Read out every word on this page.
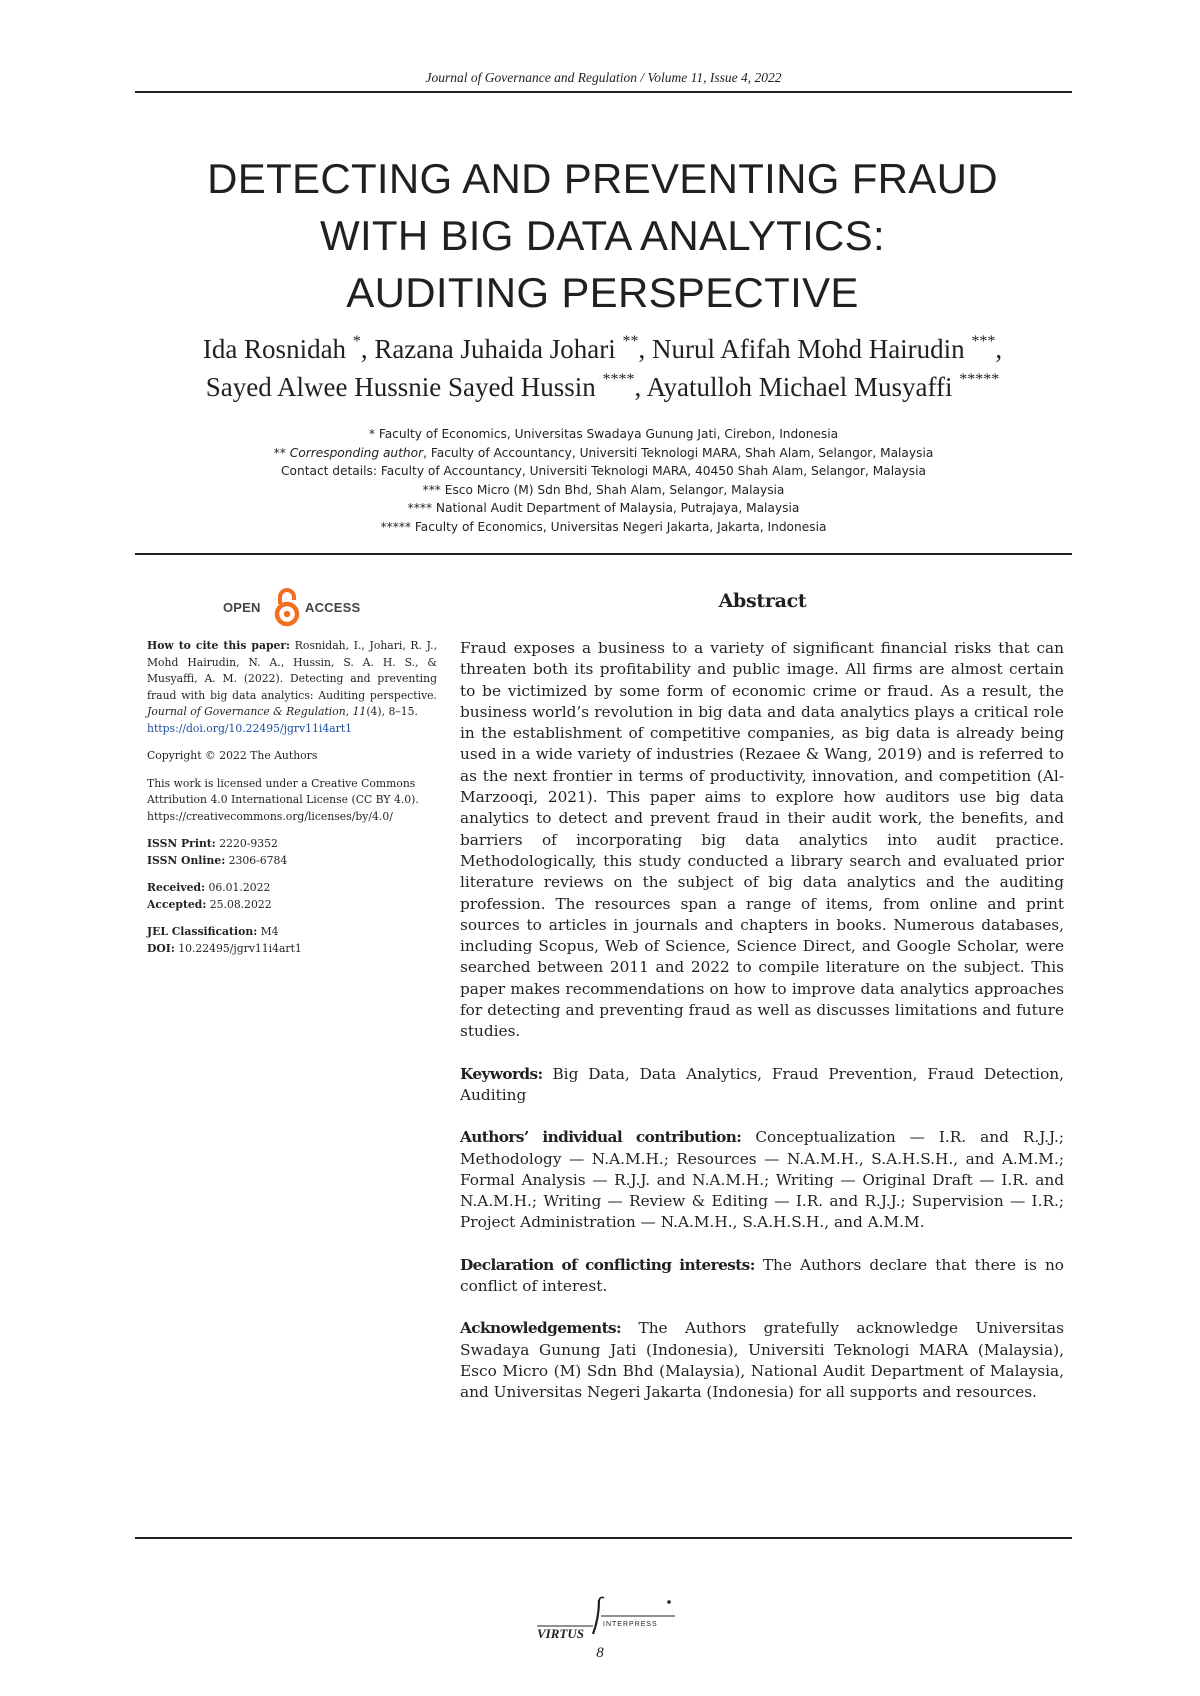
Journal of Governance and Regulation / Volume 11, Issue 4, 2022
DETECTING AND PREVENTING FRAUD
WITH BIG DATA ANALYTICS:
AUDITING PERSPECTIVE
Ida Rosnidah *, Razana Juhaida Johari **, Nurul Afifah Mohd Hairudin ***,
Sayed Alwee Hussnie Sayed Hussin ****, Ayatulloh Michael Musyaffi *****
* Faculty of Economics, Universitas Swadaya Gunung Jati, Cirebon, Indonesia
** Corresponding author, Faculty of Accountancy, Universiti Teknologi MARA, Shah Alam, Selangor, Malaysia
Contact details: Faculty of Accountancy, Universiti Teknologi MARA, 40450 Shah Alam, Selangor, Malaysia
*** Esco Micro (M) Sdn Bhd, Shah Alam, Selangor, Malaysia
**** National Audit Department of Malaysia, Putrajaya, Malaysia
***** Faculty of Economics, Universitas Negeri Jakarta, Jakarta, Indonesia
OPEN	ACCESS

How to cite this paper: Rosnidah, I., Johari, R. J., Mohd Hairudin, N. A., Hussin, S. A. H. S., & Musyaffi, A. M. (2022). Detecting and preventing fraud with big data analytics: Auditing perspective. Journal of Governance & Regulation, 11(4), 8–15.
https://doi.org/10.22495/jgrv11i4art1

Copyright © 2022 The Authors

This work is licensed under a Creative Commons Attribution 4.0 International License (CC BY 4.0).
https://creativecommons.org/licenses/by/4.0/

ISSN Print: 2220-9352
ISSN Online: 2306-6784

Received: 06.01.2022
Accepted: 25.08.2022

JEL Classification: M4
DOI: 10.22495/jgrv11i4art1

Abstract

Fraud exposes a business to a variety of significant financial risks that can threaten both its profitability and public image. All firms are almost certain to be victimized by some form of economic crime or fraud. As a result, the business world’s revolution in big data and data analytics plays a critical role in the establishment of competitive companies, as big data is already being used in a wide variety of industries (Rezaee & Wang, 2019) and is referred to as the next frontier in terms of productivity, innovation, and competition (Al-Marzooqi, 2021). This paper aims to explore how auditors use big data analytics to detect and prevent fraud in their audit work, the benefits, and barriers of incorporating big data analytics into audit practice. Methodologically, this study conducted a library search and evaluated prior literature reviews on the subject of big data analytics and the auditing profession. The resources span a range of items, from online and print sources to articles in journals and chapters in books. Numerous databases, including Scopus, Web of Science, Science Direct, and Google Scholar, were searched between 2011 and 2022 to compile literature on the subject. This paper makes recommendations on how to improve data analytics approaches for detecting and preventing fraud as well as discusses limitations and future studies.

Keywords: Big Data, Data Analytics, Fraud Prevention, Fraud Detection, Auditing

Authors’ individual contribution: Conceptualization — I.R. and R.J.J.; Methodology — N.A.M.H.; Resources — N.A.M.H., S.A.H.S.H., and A.M.M.; Formal Analysis — R.J.J. and N.A.M.H.; Writing — Original Draft — I.R. and N.A.M.H.; Writing — Review & Editing — I.R. and R.J.J.; Supervision — I.R.; Project Administration — N.A.M.H., S.A.H.S.H., and A.M.M.

Declaration of conflicting interests: The Authors declare that there is no conflict of interest.

Acknowledgements: The Authors gratefully acknowledge Universitas Swadaya Gunung Jati (Indonesia), Universiti Teknologi MARA (Malaysia), Esco Micro (M) Sdn Bhd (Malaysia), National Audit Department of Malaysia, and Universitas Negeri Jakarta (Indonesia) for all supports and resources.

VIRTUS
INTERPRESS
8
